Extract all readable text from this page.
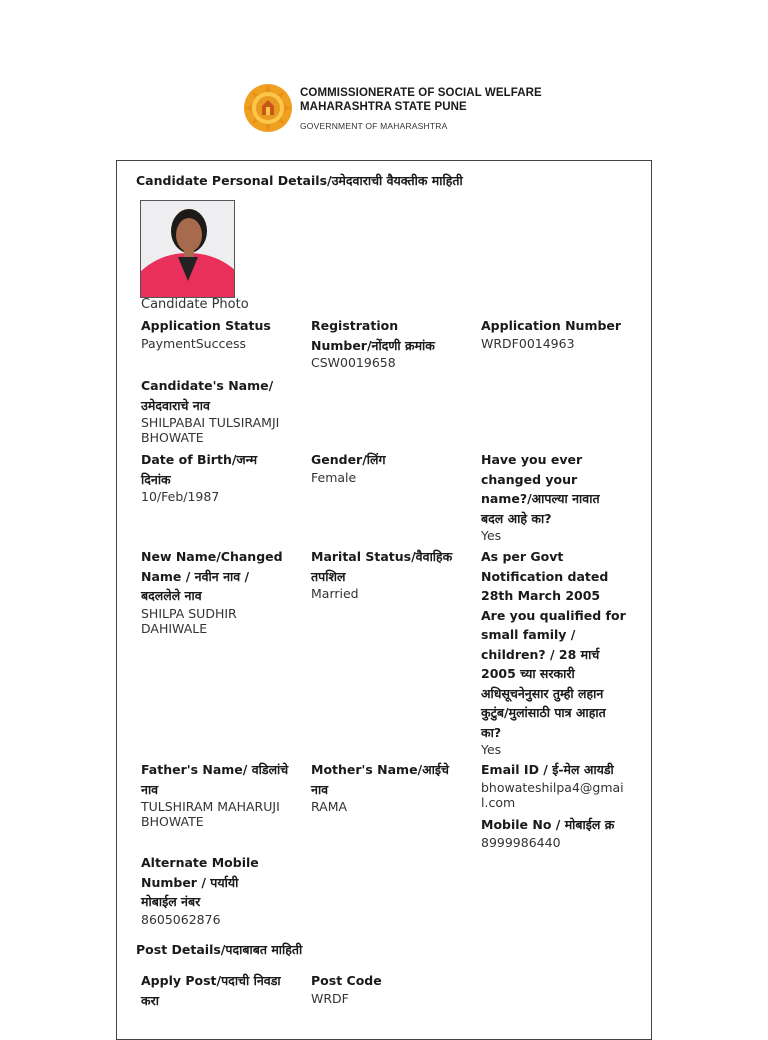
COMMISSIONERATE OF SOCIAL WELFARE
MAHARASHTRA STATE PUNE
GOVERNMENT OF MAHARASHTRA
Candidate Personal Details/उमेदवाराची वैयक्तीक माहिती
Candidate Photo
Application Status
PaymentSuccess
Registration Number/नोंदणी क्रमांक
CSW0019658
Application Number
WRDF0014963
Candidate's Name/ उमेदवाराचे नाव
SHILPABAI TULSIRAMJI BHOWATE
Date of Birth/जन्म दिनांक
10/Feb/1987
Gender/लिंग
Female
Have you ever changed your name?/आपल्या नावात बदल आहे का?
Yes
New Name/Changed Name / नवीन नाव / बदललेले नाव
SHILPA SUDHIR DAHIWALE
Marital Status/वैवाहिक तपशिल
Married
As per Govt Notification dated 28th March 2005 Are you qualified for small family / children? / 28 मार्च 2005 च्या सरकारी अधिसूचनेनुसार तुम्ही लहान कुटुंब/मुलांसाठी पात्र आहात का?
Yes
Father's Name/ वडिलांचे नाव
TULSHIRAM MAHARUJI BHOWATE
Mother's Name/आईचे नाव
RAMA
Email ID / ई-मेल आयडी
bhowateshilpa4@gmail.com
Mobile No / मोबाईल क्र
8999986440
Alternate Mobile Number / पर्यायी मोबाईल नंबर
8605062876
Post Details/पदाबाबत माहिती
Apply Post/पदाची निवडा करा
Post Code
WRDF
